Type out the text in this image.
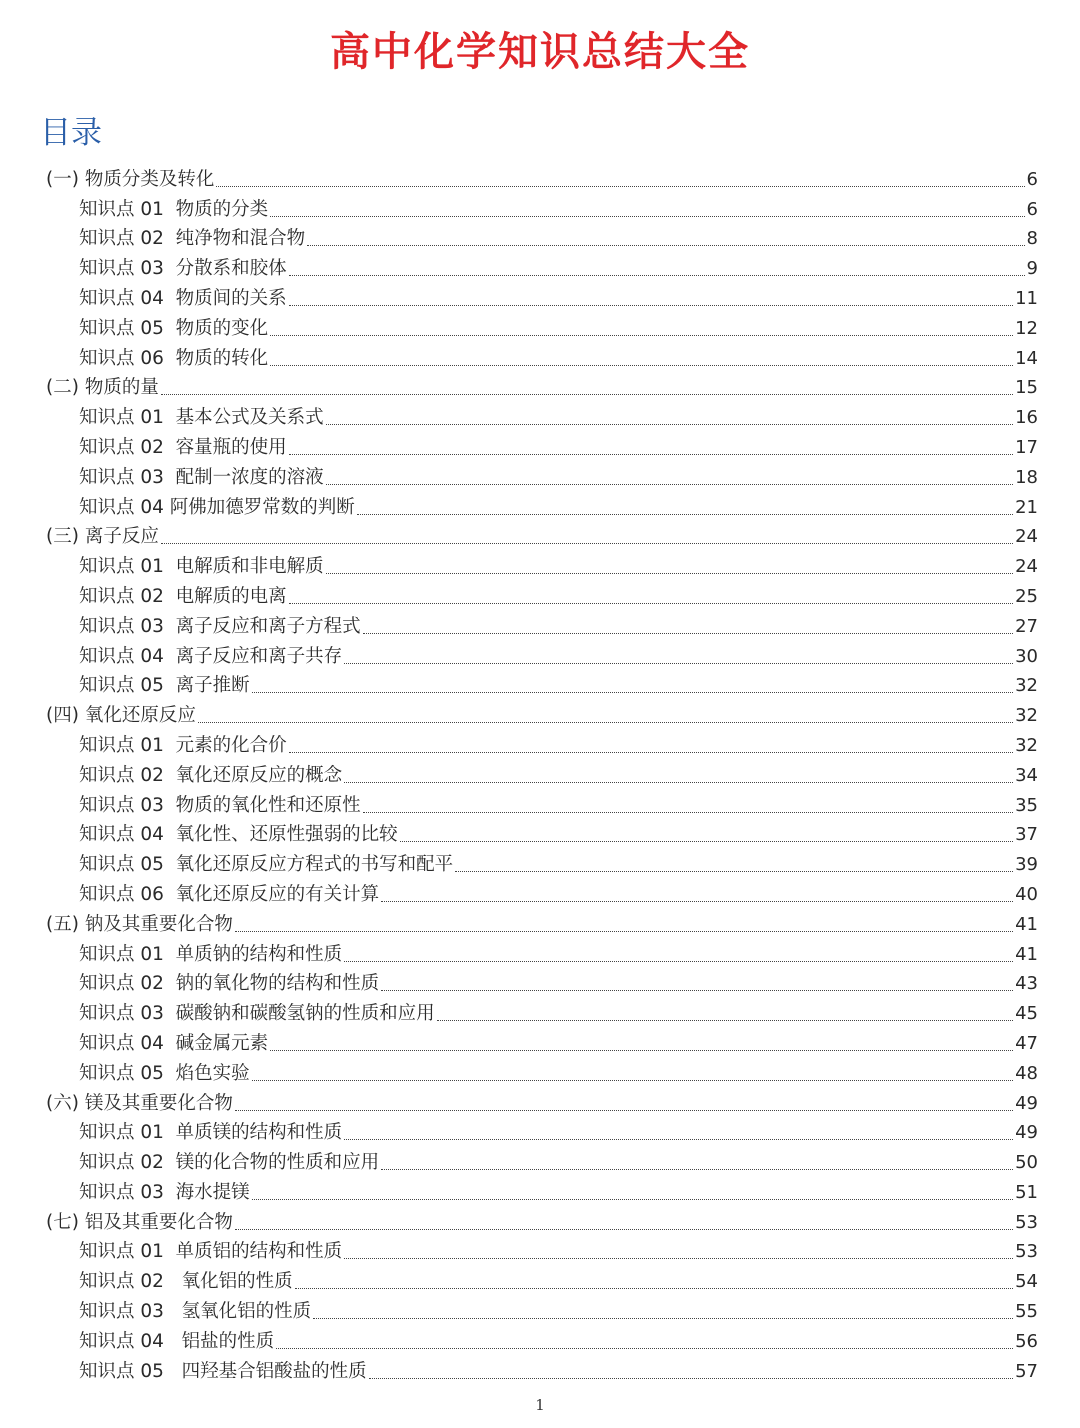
高中化学知识总结大全
目录
(一) 物质分类及转化	6
知识点 01  物质的分类	6
知识点 02  纯净物和混合物	8
知识点 03  分散系和胶体	9
知识点 04  物质间的关系	11
知识点 05  物质的变化	12
知识点 06  物质的转化	14
(二) 物质的量	15
知识点 01  基本公式及关系式	16
知识点 02  容量瓶的使用	17
知识点 03  配制一浓度的溶液	18
知识点 04 阿佛加德罗常数的判断	21
(三) 离子反应	24
知识点 01  电解质和非电解质	24
知识点 02  电解质的电离	25
知识点 03  离子反应和离子方程式	27
知识点 04  离子反应和离子共存	30
知识点 05  离子推断	32
(四) 氧化还原反应	32
知识点 01  元素的化合价	32
知识点 02  氧化还原反应的概念	34
知识点 03  物质的氧化性和还原性	35
知识点 04  氧化性、还原性强弱的比较	37
知识点 05  氧化还原反应方程式的书写和配平	39
知识点 06  氧化还原反应的有关计算	40
(五) 钠及其重要化合物	41
知识点 01  单质钠的结构和性质	41
知识点 02  钠的氧化物的结构和性质	43
知识点 03  碳酸钠和碳酸氢钠的性质和应用	45
知识点 04  碱金属元素	47
知识点 05  焰色实验	48
(六) 镁及其重要化合物	49
知识点 01  单质镁的结构和性质	49
知识点 02  镁的化合物的性质和应用	50
知识点 03  海水提镁	51
(七) 铝及其重要化合物	53
知识点 01  单质铝的结构和性质	53
知识点 02   氧化铝的性质	54
知识点 03   氢氧化铝的性质	55
知识点 04   铝盐的性质	56
知识点 05   四羟基合铝酸盐的性质	57
1
